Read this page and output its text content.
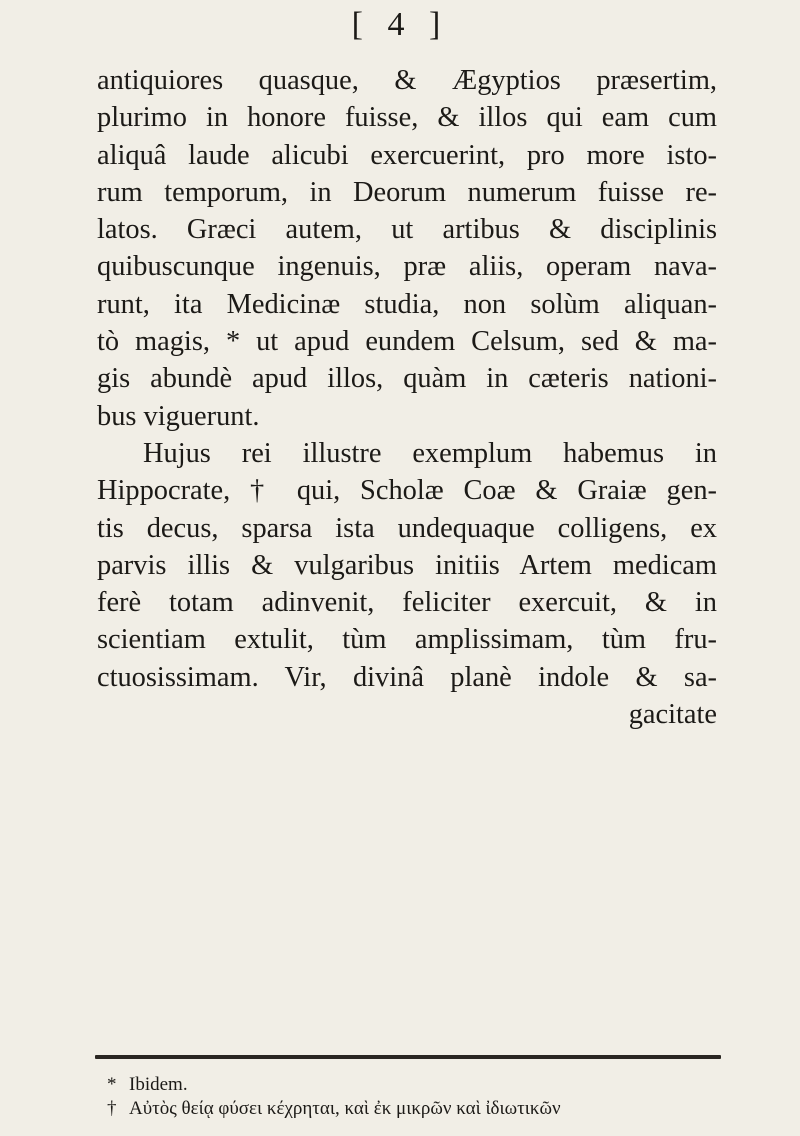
[ 4 ]
antiquiores quasque, & Ægyptios præsertim,
plurimo in honore fuisse, & illos qui eam cum
aliquâ laude alicubi exercuerint, pro more isto-
rum temporum, in Deorum numerum fuisse re-
latos. Græci autem, ut artibus & disciplinis
quibuscunque ingenuis, præ aliis, operam nava-
runt, ita Medicinæ studia, non solùm aliquan-
tò magis, * ut apud eundem Celsum, sed & ma-
gis abundè apud illos, quàm in cæteris nationi-
bus viguerunt.
Hujus rei illustre exemplum habemus in
Hippocrate, † qui, Scholæ Coæ & Graiæ gen-
tis decus, sparsa ista undequaque colligens, ex
parvis illis & vulgaribus initiis Artem medicam
ferè totam adinvenit, feliciter exercuit, & in
scientiam extulit, tùm amplissimam, tùm fru-
ctuosissimam. Vir, divinâ planè indole & sa-
gacitate
* Ibidem.
† Αὐτὸς θείᾳ φύσει κέχρηται, καὶ ἐκ μικρῶν καὶ ἰδιωτικῶν
